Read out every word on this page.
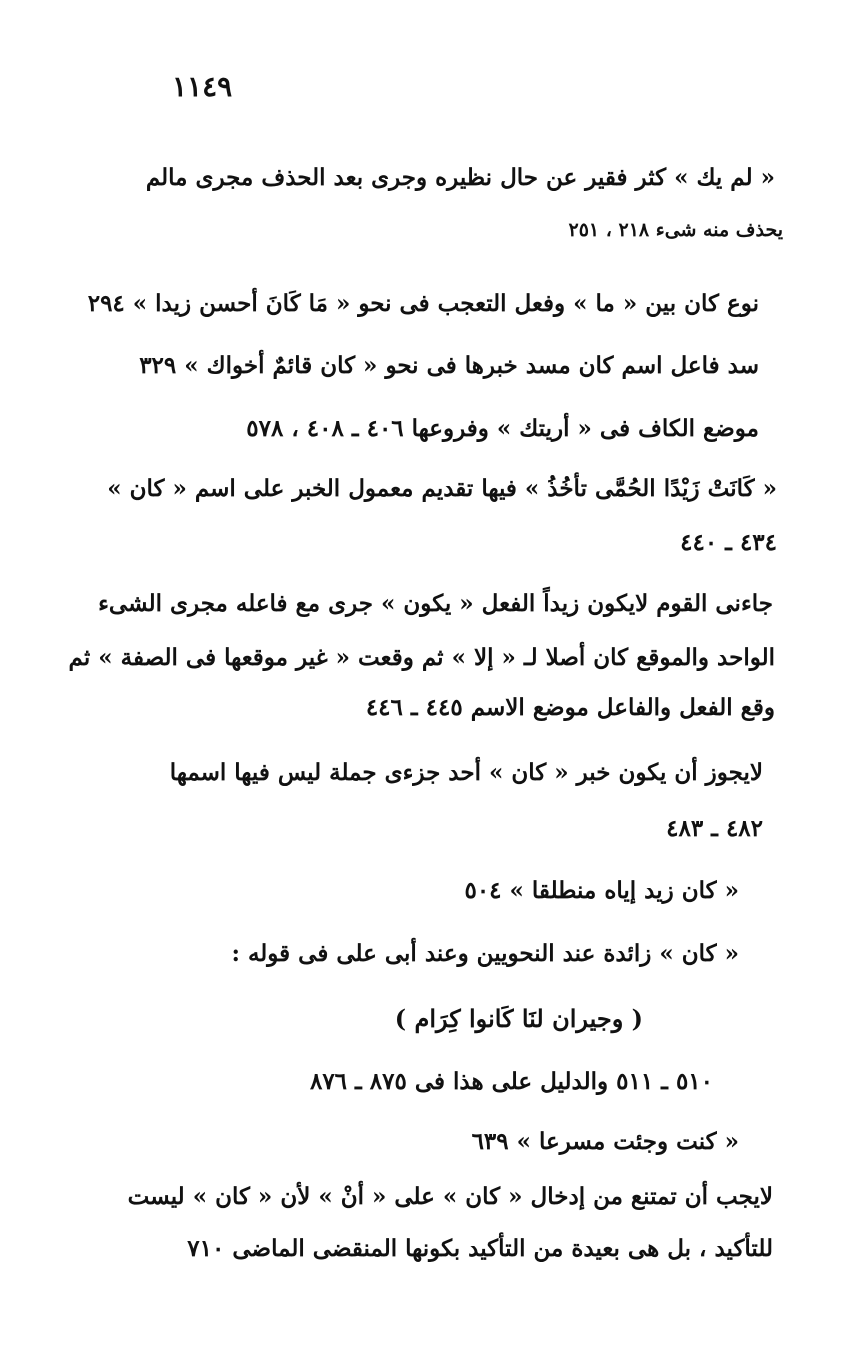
١١٤٩
« لم يك » كثر فقير عن حال نظيره وجرى بعد الحذف مجرى مالم
يحذف منه شىء ٢١٨ ، ٢٥١
نوع كان بين « ما » وفعل التعجب فى نحو « مَا كَانَ أحسن زيدا » ٢٩٤
سد فاعل اسم كان مسد خبرها فى نحو « كان قائمٌ أخواك » ٣٢٩
موضع الكاف فى « أريتك » وفروعها ٤٠٦ ـ ٤٠٨ ، ٥٧٨
« كَانَتْ زَيْدًا الحُمَّى تأخُذُ » فيها تقديم معمول الخبر على اسم « كان »
٤٣٤ ـ ٤٤٠
جاءنى القوم لايكون زيداً الفعل « يكون » جرى مع فاعله مجرى الشىء
الواحد والموقع كان أصلا لـ « إلا » ثم وقعت « غير موقعها فى الصفة » ثم
وقع الفعل والفاعل موضع الاسم ٤٤٥ ـ ٤٤٦
لايجوز أن يكون خبر « كان » أحد جزءى جملة ليس فيها اسمها
٤٨٢ ـ ٤٨٣
« كان زيد إياه منطلقا » ٥٠٤
« كان » زائدة عند النحويين وعند أبى على فى قوله :
( وجيران لنَا كَانوا كِرَام )
٥١٠ ـ ٥١١ والدليل على هذا فى ٨٧٥ ـ ٨٧٦
« كنت وجئت مسرعا » ٦٣٩
لايجب أن تمتنع من إدخال « كان » على « أنْ » لأن « كان » ليست
للتأكيد ، بل هى بعيدة من التأكيد بكونها المنقضى الماضى ٧١٠
